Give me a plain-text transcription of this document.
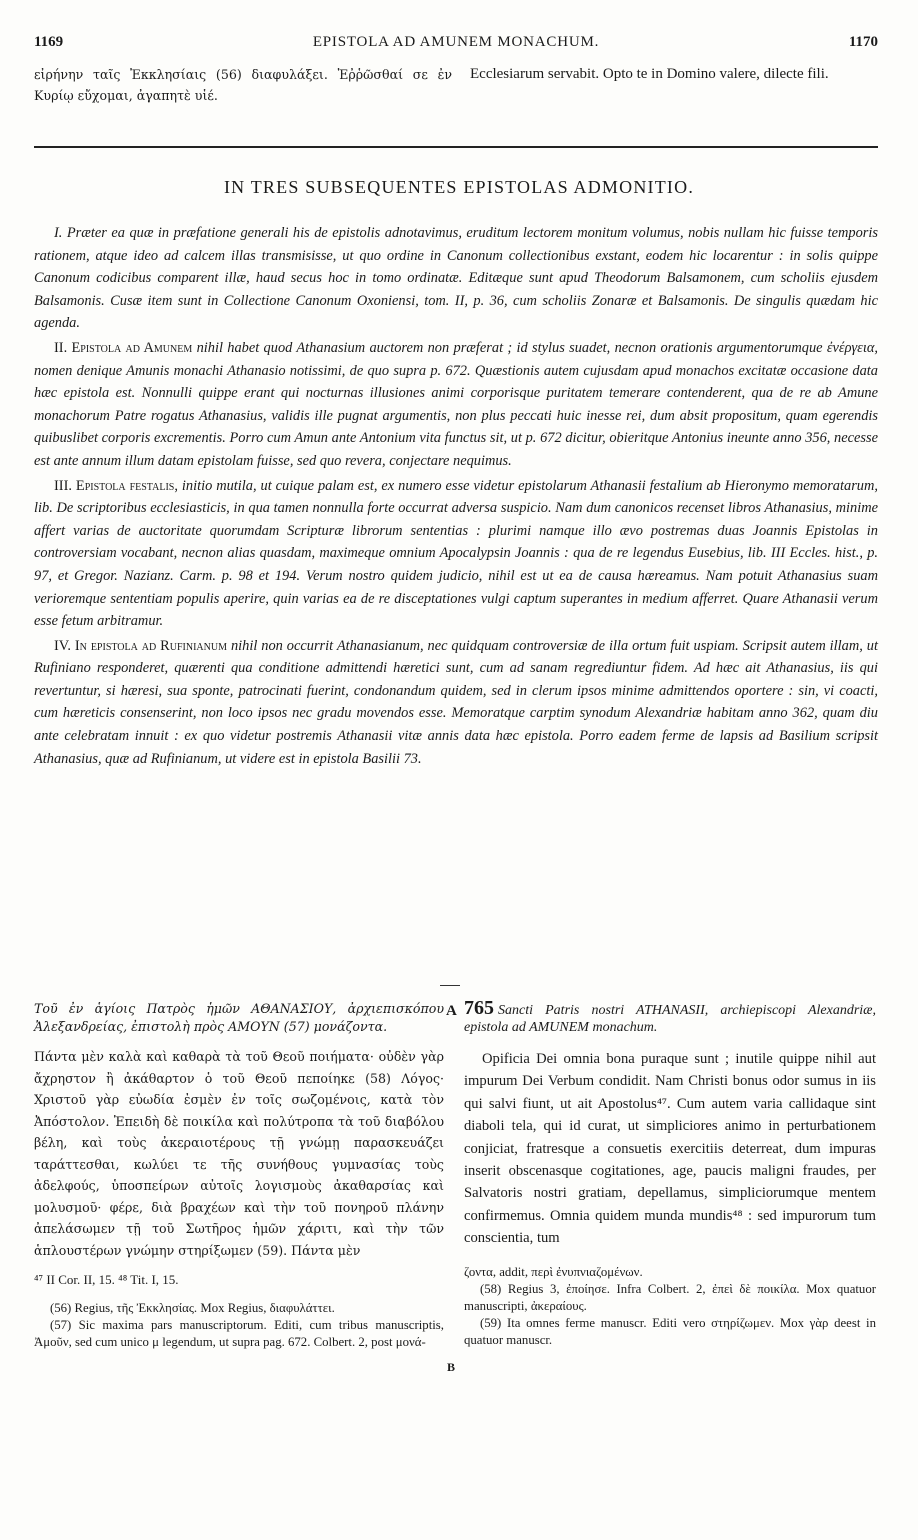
1169	EPISTOLA AD AMUNEM MONACHUM.	1170
εἰρήνην ταῖς Ἐκκλησίαις (56) διαφυλάξει. Ἐῤῥῶσθαί σε ἐν Κυρίῳ εὔχομαι, ἀγαπητὲ υἱέ.
Ecclesiarum servabit. Opto te in Domino valere, dilecte fili.
IN TRES SUBSEQUENTES EPISTOLAS ADMONITIO.

I. Præter ea quæ in præfatione generali his de epistolis adnotavimus, eruditum lectorem monitum volumus, nobis nullam hic fuisse temporis rationem, atque ideo ad calcem illas transmisisse, ut quo ordine in Canonum collectionibus exstant, eodem hic locarentur : in solis quippe Canonum codicibus comparent illæ, haud secus hoc in tomo ordinatæ. Editæque sunt apud Theodorum Balsamonem, cum scholiis ejusdem Balsamonis. Cusæ item sunt in Collectione Canonum Oxoniensi, tom. II, p. 36, cum scholiis Zonaræ et Balsamonis. De singulis quædam hic agenda.

II. Epistola ad Amunem nihil habet quod Athanasium auctorem non præferat ; id stylus suadet, necnon orationis argumentorumque ἐνέργεια, nomen denique Amunis monachi Athanasio notissimi, de quo supra p. 672. Quæstionis autem cujusdam apud monachos excitatæ occasione data hæc epistola est. Nonnulli quippe erant qui nocturnas illusiones animi corporisque puritatem temerare contenderent, qua de re ab Amune monachorum Patre rogatus Athanasius, validis ille pugnat argumentis, non plus peccati huic inesse rei, dum absit propositum, quam egerendis quibuslibet corporis excrementis. Porro cum Amun ante Antonium vita functus sit, ut p. 672 dicitur, obieritque Antonius ineunte anno 356, necesse est ante annum illum datam epistolam fuisse, sed quo revera, conjectare nequimus.

III. Epistola festalis, initio mutila, ut cuique palam est, ex numero esse videtur epistolarum Athanasii festalium ab Hieronymo memoratarum, lib. De scriptoribus ecclesiasticis, in qua tamen nonnulla forte occurrat adversa suspicio. Nam dum canonicos recenset libros Athanasius, minime affert varias de auctoritate quorumdam Scripturæ librorum sententias : plurimi namque illo ævo postremas duas Joannis Epistolas in controversiam vocabant, necnon alias quasdam, maximeque omnium Apocalypsin Joannis : qua de re legendus Eusebius, lib. III Eccles. hist., p. 97, et Gregor. Nazianz. Carm. p. 98 et 194. Verum nostro quidem judicio, nihil est ut ea de causa hæreamus. Nam potuit Athanasius suam verioremque sententiam populis aperire, quin varias ea de re disceptationes vulgi captum superantes in medium afferret. Quare Athanasii verum esse fetum arbitramur.

IV. In epistola ad Rufinianum nihil non occurrit Athanasianum, nec quidquam controversiæ de illa ortum fuit uspiam. Scripsit autem illam, ut Rufiniano responderet, quærenti qua conditione admittendi hæretici sunt, cum ad sanam regrediuntur fidem. Ad hæc ait Athanasius, iis qui revertuntur, si hæresi, sua sponte, patrocinati fuerint, condonandum quidem, sed in clerum ipsos minime admittendos oportere : sin, vi coacti, cum hæreticis consenserint, non loco ipsos nec gradu movendos esse. Memoratque carptim synodum Alexandriæ habitam anno 362, quam diu ante celebratam innuit : ex quo videtur postremis Athanasii vitæ annis data hæc epistola. Porro eadem ferme de lapsis ad Basilium scripsit Athanasius, quæ ad Rufinianum, ut videre est in epistola Basilii 73.

Τοῦ ἐν ἁγίοις Πατρὸς ἡμῶν ΑΘΑΝΑΣΙΟΥ, ἀρχιεπισκόπου Ἀλεξανδρείας, ἐπιστολὴ πρὸς ΑΜΟΥΝ (57) μονάζοντα.
Πάντα μὲν καλὰ καὶ καθαρὰ τὰ τοῦ Θεοῦ ποιήματα· οὐδὲν γὰρ ἄχρηστον ἢ ἀκάθαρτον ὁ τοῦ Θεοῦ πεποίηκε (58) Λόγος· Χριστοῦ γὰρ εὐωδία ἐσμὲν ἐν τοῖς σωζομένοις, κατὰ τὸν Ἀπόστολον. Ἐπειδὴ δὲ ποικίλα καὶ πολύτροπα τὰ τοῦ διαβόλου βέλη, καὶ τοὺς ἀκεραιοτέρους τῇ γνώμῃ παρασκευάζει ταράττεσθαι, κωλύει τε τῆς συνήθους γυμνασίας τοὺς ἀδελφούς, ὑποσπείρων αὐτοῖς λογισμοὺς ἀκαθαρσίας καὶ μολυσμοῦ· φέρε, διὰ βραχέων καὶ τὴν τοῦ πονηροῦ πλάνην ἀπελάσωμεν τῇ τοῦ Σωτῆρος ἡμῶν χάριτι, καὶ τὴν τῶν ἁπλουστέρων γνώμην στηρίξωμεν (59). Πάντα μὲν
⁴⁷ II Cor. II, 15. ⁴⁸ Tit. I, 15.

(56) Regius, τῆς Ἐκκλησίας. Mox Regius, διαφυλάττει.

(57) Sic maxima pars manuscriptorum. Editi, cum tribus manuscriptis, Ἀμοῦν, sed cum unico μ legendum, ut supra pag. 672. Colbert. 2, post μονά-

A
B
765 Sancti Patris nostri ATHANASII, archiepiscopi Alexandriæ, epistola ad AMUNEM monachum.
Opificia Dei omnia bona puraque sunt ; inutile quippe nihil aut impurum Dei Verbum condidit. Nam Christi bonus odor sumus in iis qui salvi fiunt, ut ait Apostolus⁴⁷. Cum autem varia callidaque sint diaboli tela, qui id curat, ut simpliciores animo in perturbationem conjiciat, fratresque a consuetis exercitiis deterreat, dum impuras inserit obscenasque cogitationes, age, paucis maligni fraudes, per Salvatoris nostri gratiam, depellamus, simpliciorumque mentem confirmemus. Omnia quidem munda mundis⁴⁸ : sed impurorum tum conscientia, tum

ζοντα, addit, περὶ ἐνυπνιαζομένων.

(58) Regius 3, ἐποίησε. Infra Colbert. 2, ἐπεὶ δὲ ποικίλα. Mox quatuor manuscripti, ἀκεραίους.

(59) Ita omnes ferme manuscr. Editi vero στηρίζωμεν. Mox γὰρ deest in quatuor manuscr.
